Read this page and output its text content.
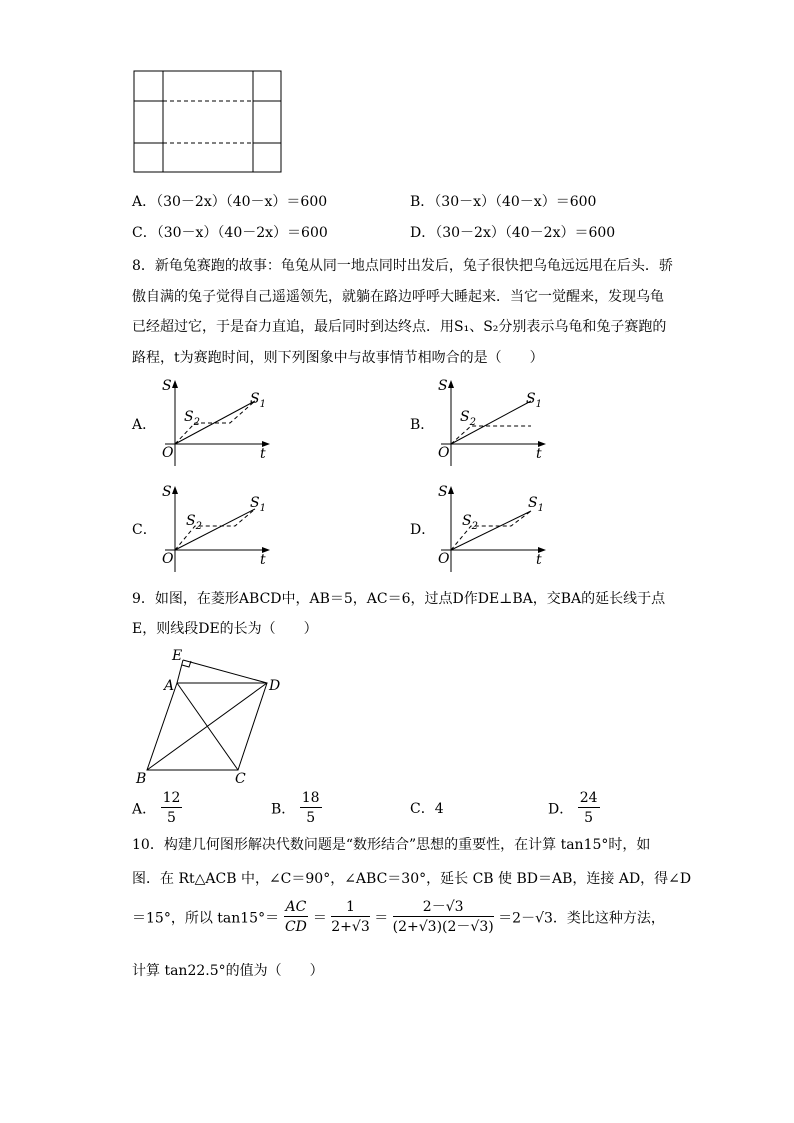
A．（30－2x）（40－x）＝600	B．（30－x）（40－x）＝600
C．（30－x）（40－2x）＝600	D．（30－2x）（40－2x）＝600
8．新龟兔赛跑的故事：龟兔从同一地点同时出发后，兔子很快把乌龟远远甩在后头．骄
傲自满的兔子觉得自己遥遥领先，就躺在路边呼呼大睡起来．当它一觉醒来，发现乌龟
已经超过它，于是奋力直追，最后同时到达终点．用S₁、S₂分别表示乌龟和兔子赛跑的
路程，t为赛跑时间，则下列图象中与故事情节相吻合的是（　　）
S
t
O
$S_1$
$S_2$
S
t
O
$S_1$
$S_2$
S
t
O
$S_1$
$S_2$
S
t
O
$S_1$
$S_2$
A．	B．
C．	D．
9．如图，在菱形ABCD中，AB＝5，AC＝6，过点D作DE⊥BA，交BA的延长线于点
E，则线段DE的长为（　　）
E
A	D
B	C
A． $\frac{12}{5}$	B． $\frac{18}{5}$	C．4	D． $\frac{24}{5}$
10．构建几何图形解决代数问题是“数形结合”思想的重要性，在计算 tan15°时，如
图．在 Rt△ACB 中，∠C＝90°，∠ABC＝30°，延长 CB 使 BD＝AB，连接 AD，得∠D
＝15°，所以 $\tan 15^\circ= \frac{AC}{CD} = \frac{1}{2+√3} = \frac{2-√3}{(2+√3)(2-√3)} =2-√3$．类比这种方法，
计算 tan22.5°的值为（　　）
